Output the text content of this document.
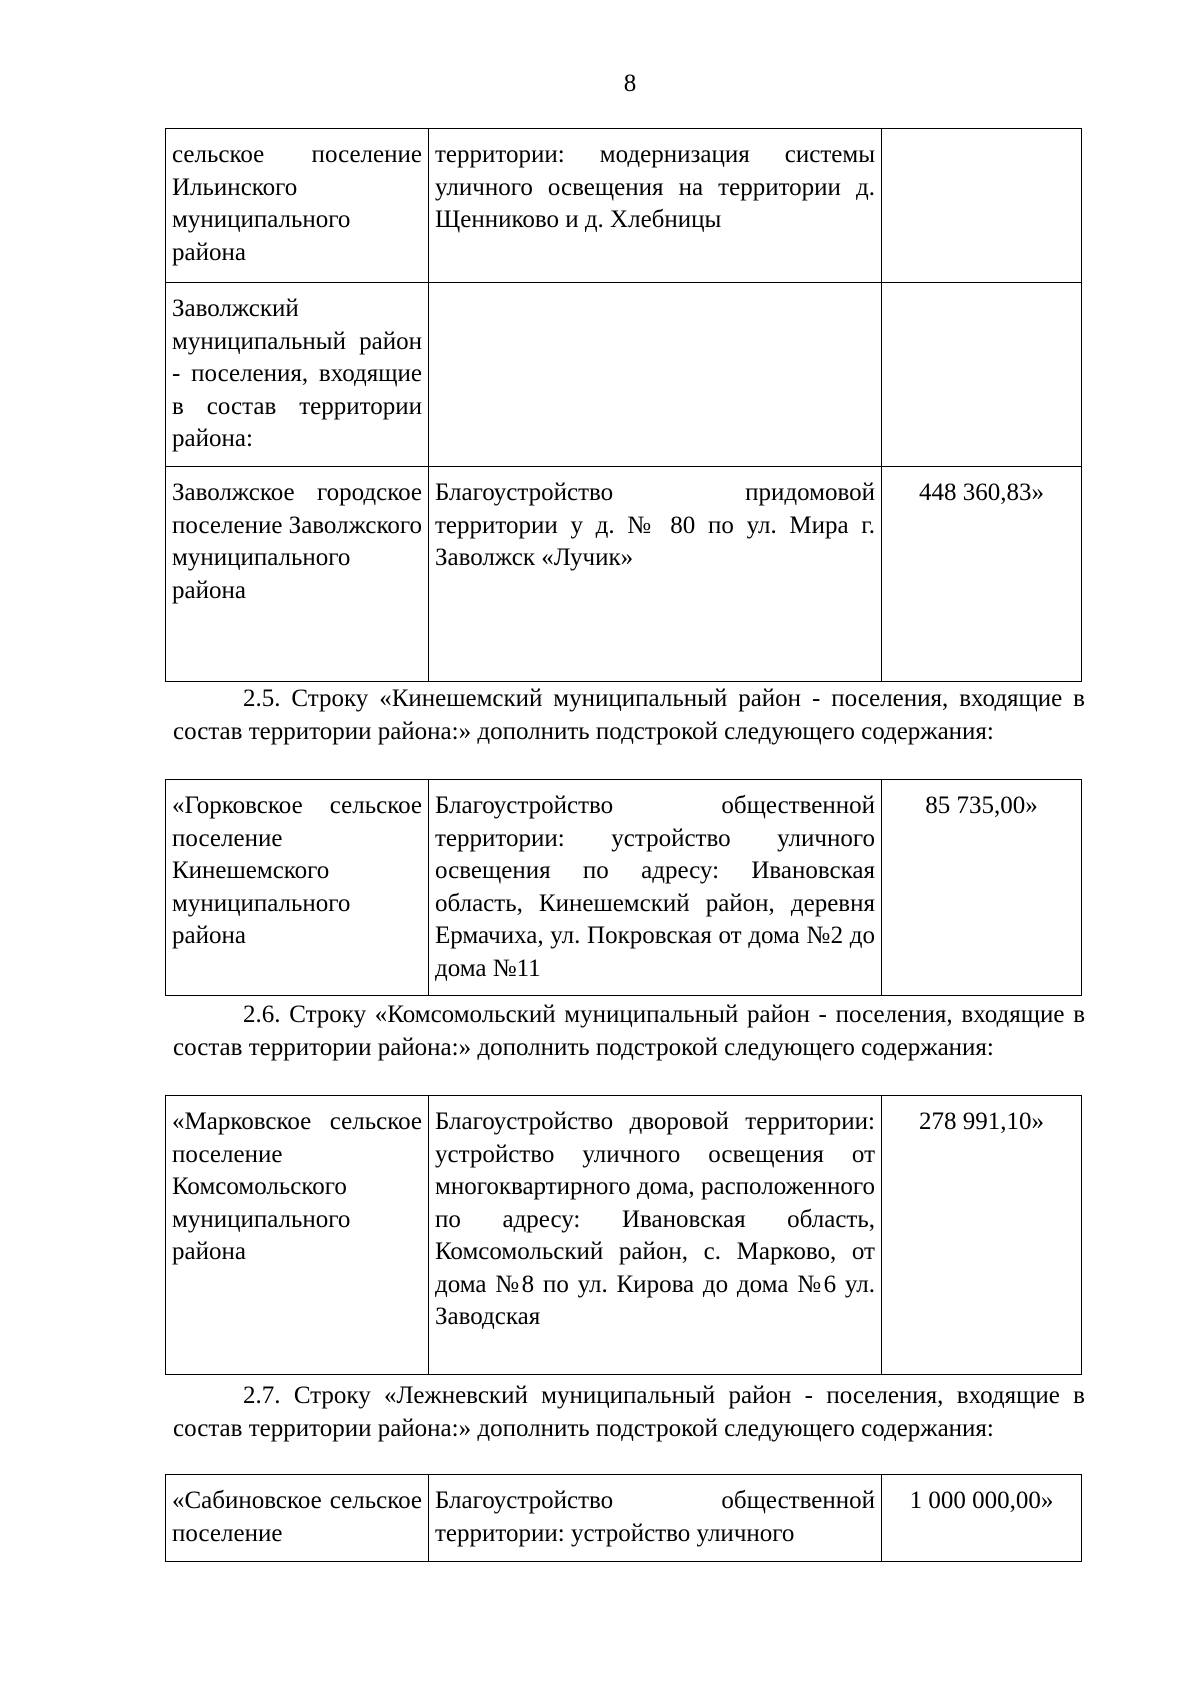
8
сельское поселение Ильинского муниципального района	территории: модернизация системы уличного освещения на территории д. Щенниково и д. Хлебницы	
Заволжский муниципальный район - поселения, входящие в состав территории района:		
Заволжское городское поселение Заволжского муниципального района	Благоустройство придомовой территории у д. № 80 по ул. Мира г. Заволжск «Лучик»	448 360,83»

2.5. Строку «Кинешемский муниципальный район - поселения, входящие в состав территории района:» дополнить подстрокой следующего содержания:

«Горковское сельское поселение Кинешемского муниципального района	Благоустройство общественной территории: устройство уличного освещения по адресу: Ивановская область, Кинешемский район, деревня Ермачиха, ул. Покровская от дома №2 до дома №11	85 735,00»

2.6. Строку «Комсомольский муниципальный район - поселения, входящие в состав территории района:» дополнить подстрокой следующего содержания:

«Марковское сельское поселение Комсомольского муниципального района	Благоустройство дворовой территории: устройство уличного освещения от многоквартирного дома, расположенного по адресу: Ивановская область, Комсомольский район, с. Марково, от дома №8 по ул. Кирова до дома №6 ул. Заводская	278 991,10»

2.7. Строку «Лежневский муниципальный район - поселения, входящие в состав территории района:» дополнить подстрокой следующего содержания:

«Сабиновское сельское поселение	Благоустройство общественной территории: устройство уличного	1 000 000,00»
